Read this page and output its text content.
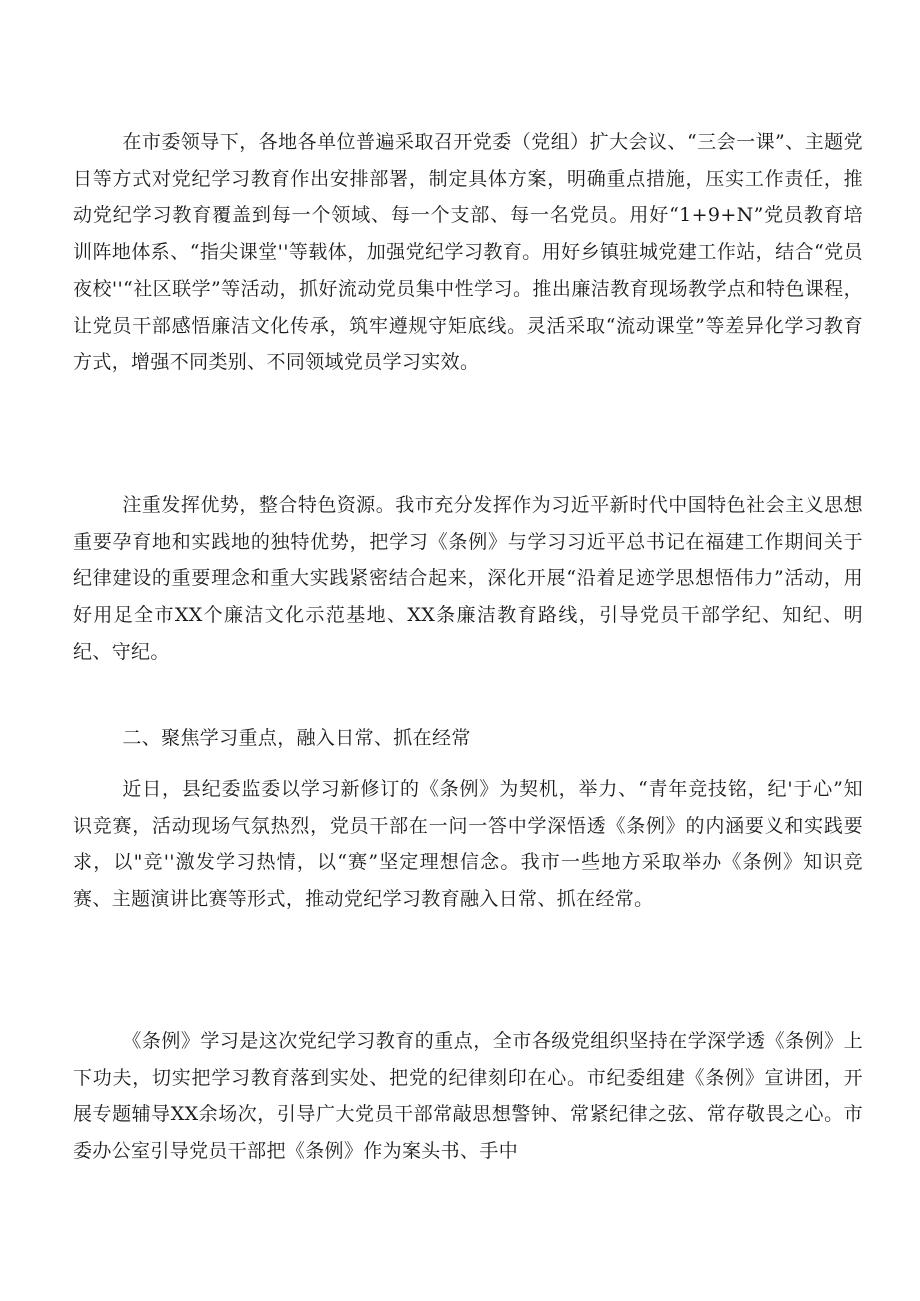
在市委领导下，各地各单位普遍采取召开党委（党组）扩大会议、“三会一课”、主题党日等方式对党纪学习教育作出安排部署，制定具体方案，明确重点措施，压实工作责任，推动党纪学习教育覆盖到每一个领域、每一个支部、每一名党员。用好“1+9+N”党员教育培训阵地体系、“指尖课堂''等载体，加强党纪学习教育。用好乡镇驻城党建工作站，结合“党员夜校''“社区联学”等活动，抓好流动党员集中性学习。推出廉洁教育现场教学点和特色课程，让党员干部感悟廉洁文化传承，筑牢遵规守矩底线。灵活采取“流动课堂”等差异化学习教育方式，增强不同类别、不同领域党员学习实效。

注重发挥优势，整合特色资源。我市充分发挥作为习近平新时代中国特色社会主义思想重要孕育地和实践地的独特优势，把学习《条例》与学习习近平总书记在福建工作期间关于纪律建设的重要理念和重大实践紧密结合起来，深化开展“沿着足迹学思想悟伟力”活动，用好用足全市XX个廉洁文化示范基地、XX条廉洁教育路线，引导党员干部学纪、知纪、明纪、守纪。

二、聚焦学习重点，融入日常、抓在经常

近日，县纪委监委以学习新修订的《条例》为契机，举力、“青年竞技铭，纪'于心”知识竞赛，活动现场气氛热烈，党员干部在一问一答中学深悟透《条例》的内涵要义和实践要求，以"竞''激发学习热情，以“赛”坚定理想信念。我市一些地方采取举办《条例》知识竞赛、主题演讲比赛等形式，推动党纪学习教育融入日常、抓在经常。

《条例》学习是这次党纪学习教育的重点，全市各级党组织坚持在学深学透《条例》上下功夫，切实把学习教育落到实处、把党的纪律刻印在心。市纪委组建《条例》宣讲团，开展专题辅导XX余场次，引导广大党员干部常敲思想警钟、常紧纪律之弦、常存敬畏之心。市委办公室引导党员干部把《条例》作为案头书、手中
